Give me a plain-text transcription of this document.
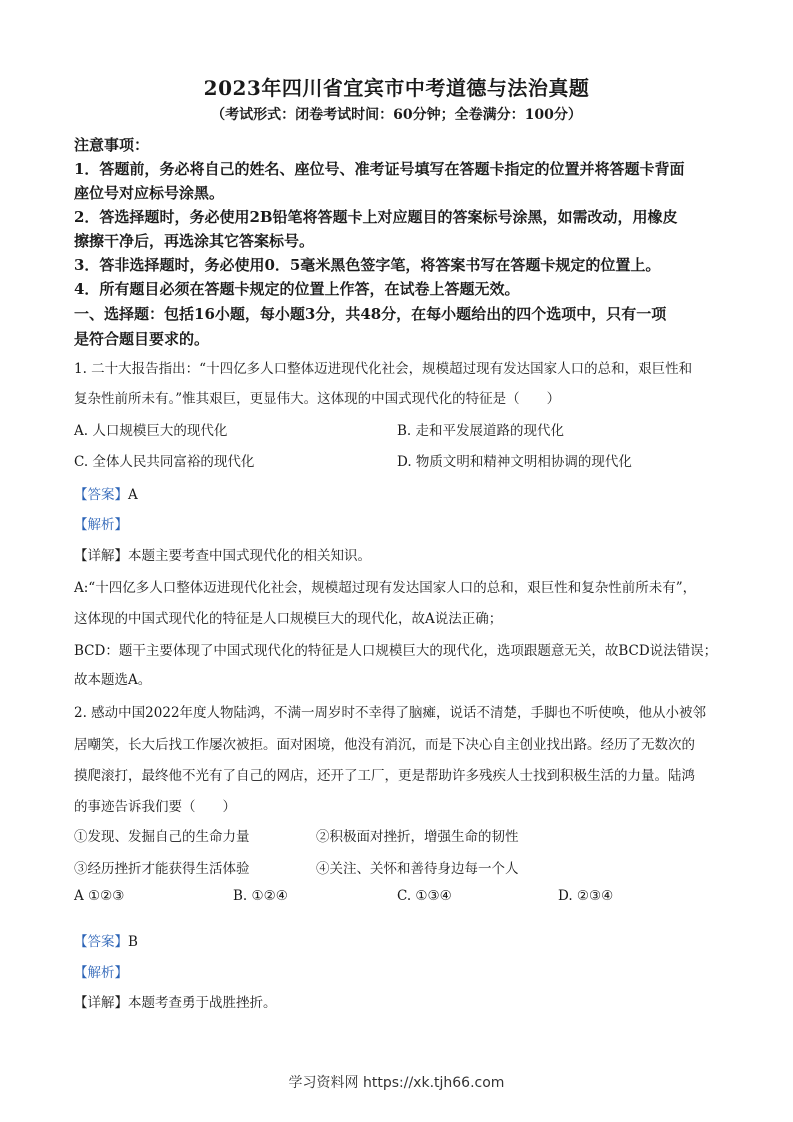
2023年四川省宜宾市中考道德与法治真题
（考试形式：闭卷考试时间：60分钟；全卷满分：100分）
注意事项：
1．答题前，务必将自己的姓名、座位号、准考证号填写在答题卡指定的位置并将答题卡背面
座位号对应标号涂黑。
2．答选择题时，务必使用2B铅笔将答题卡上对应题目的答案标号涂黑，如需改动，用橡皮
擦擦干净后，再选涂其它答案标号。
3．答非选择题时，务必使用0．5毫米黑色签字笔，将答案书写在答题卡规定的位置上。
4．所有题目必须在答题卡规定的位置上作答，在试卷上答题无效。
一、选择题：包括16小题，每小题3分，共48分，在每小题给出的四个选项中，只有一项
是符合题目要求的。
1. 二十大报告指出：“十四亿多人口整体迈进现代化社会，规模超过现有发达国家人口的总和，艰巨性和
复杂性前所未有。”惟其艰巨，更显伟大。这体现的中国式现代化的特征是（　　）
A. 人口规模巨大的现代化	B. 走和平发展道路的现代化
C. 全体人民共同富裕的现代化	D. 物质文明和精神文明相协调的现代化
【答案】A
【解析】
【详解】本题主要考查中国式现代化的相关知识。
A:“十四亿多人口整体迈进现代化社会，规模超过现有发达国家人口的总和，艰巨性和复杂性前所未有”，
这体现的中国式现代化的特征是人口规模巨大的现代化，故A说法正确；
BCD：题干主要体现了中国式现代化的特征是人口规模巨大的现代化，选项跟题意无关，故BCD说法错误；
故本题选A。
2. 感动中国2022年度人物陆鸿，不满一周岁时不幸得了脑瘫，说话不清楚，手脚也不听使唤，他从小被邻
居嘲笑，长大后找工作屡次被拒。面对困境，他没有消沉，而是下决心自主创业找出路。经历了无数次的
摸爬滚打，最终他不光有了自己的网店，还开了工厂，更是帮助许多残疾人士找到积极生活的力量。陆鸿
的事迹告诉我们要（　　）
①发现、发掘自己的生命力量	②积极面对挫折，增强生命的韧性
③经历挫折才能获得生活体验	④关注、关怀和善待身边每一个人
A ①②③	B. ①②④	C. ①③④	D. ②③④
【答案】B
【解析】
【详解】本题考查勇于战胜挫折。
学习资料网 https://xk.tjh66.com
